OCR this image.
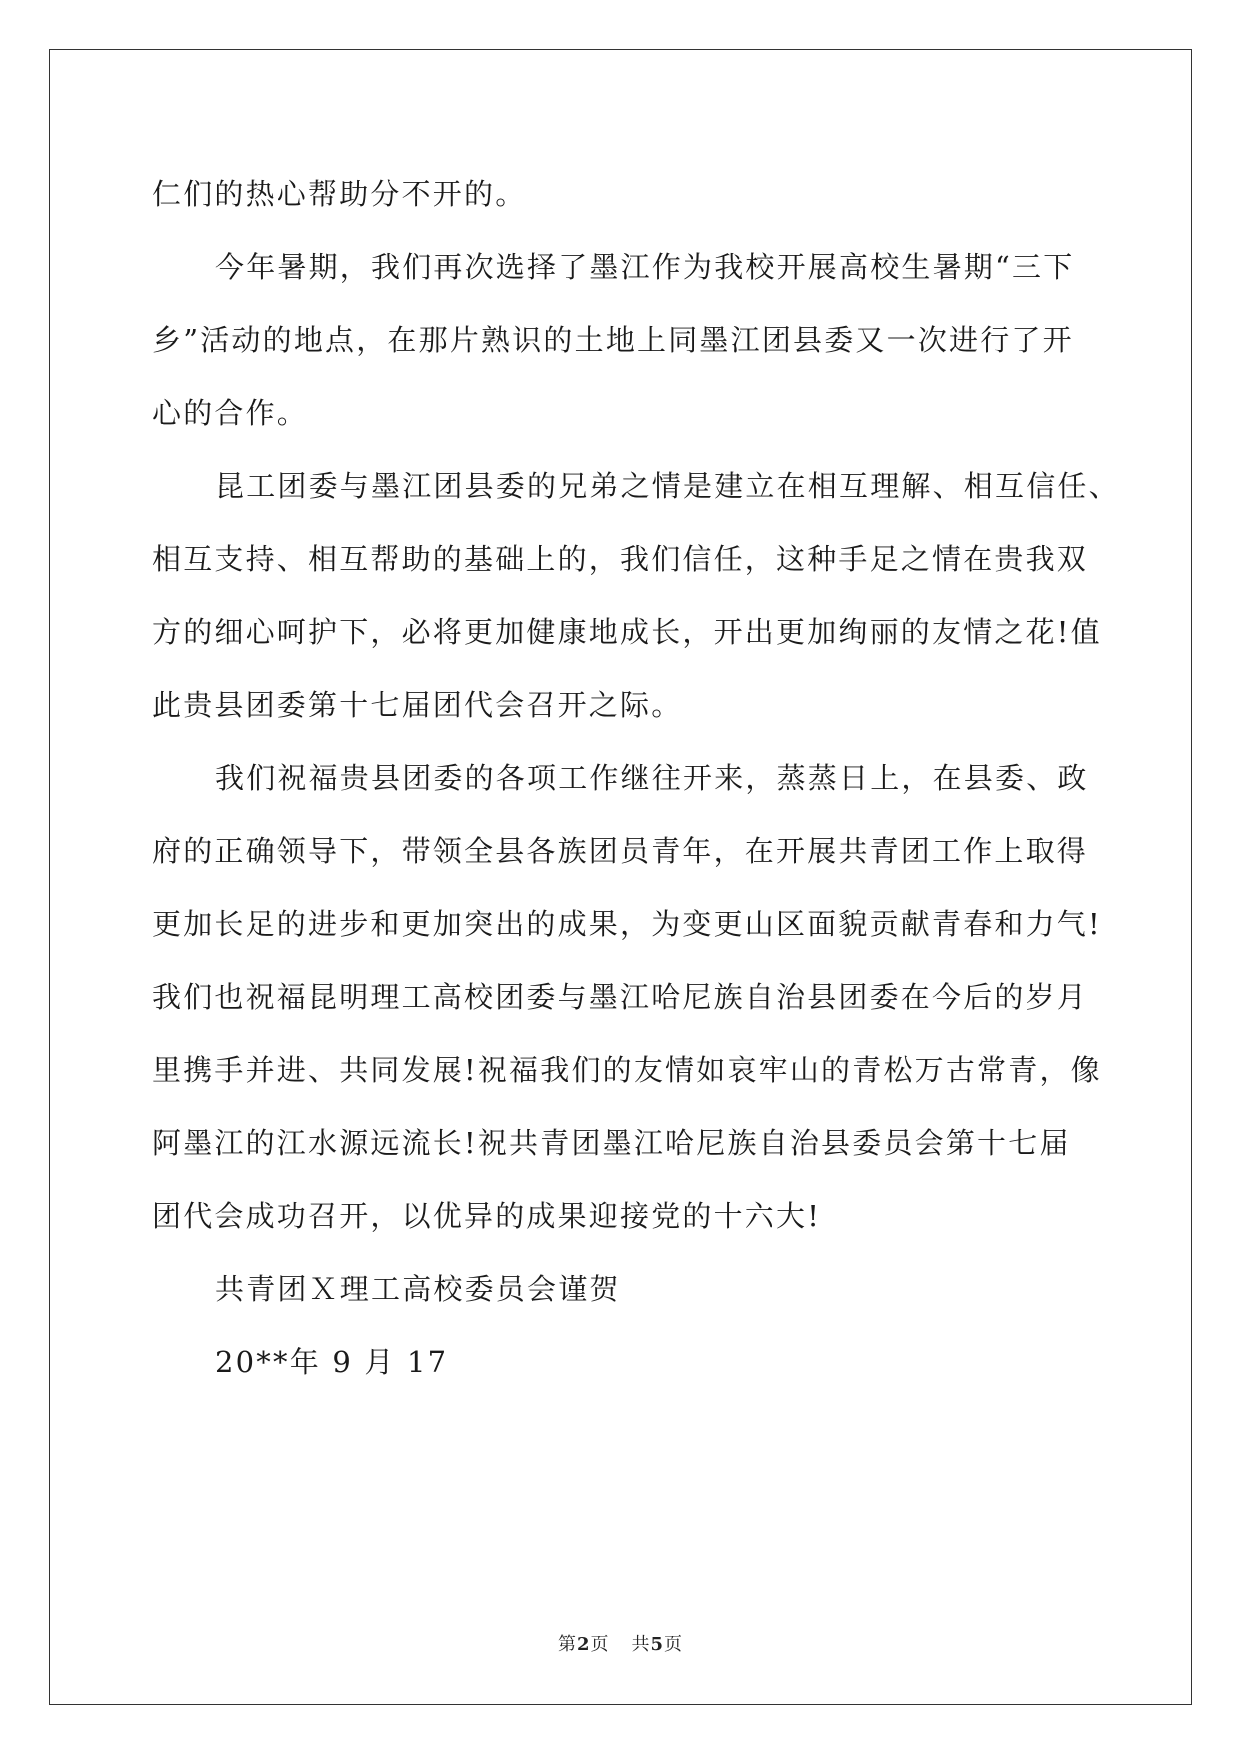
仁们的热心帮助分不开的。
今年暑期，我们再次选择了墨江作为我校开展高校生暑期“三下
乡”活动的地点，在那片熟识的土地上同墨江团县委又一次进行了开
心的合作。
昆工团委与墨江团县委的兄弟之情是建立在相互理解、相互信任、
相互支持、相互帮助的基础上的，我们信任，这种手足之情在贵我双
方的细心呵护下，必将更加健康地成长，开出更加绚丽的友情之花!值
此贵县团委第十七届团代会召开之际。
我们祝福贵县团委的各项工作继往开来，蒸蒸日上，在县委、政
府的正确领导下，带领全县各族团员青年，在开展共青团工作上取得
更加长足的进步和更加突出的成果，为变更山区面貌贡献青春和力气!
我们也祝福昆明理工高校团委与墨江哈尼族自治县团委在今后的岁月
里携手并进、共同发展!祝福我们的友情如哀牢山的青松万古常青，像
阿墨江的江水源远流长!祝共青团墨江哈尼族自治县委员会第十七届
团代会成功召开，以优异的成果迎接党的十六大!
共青团Ｘ理工高校委员会谨贺
20**年 9 月 17
第2页 共5页
